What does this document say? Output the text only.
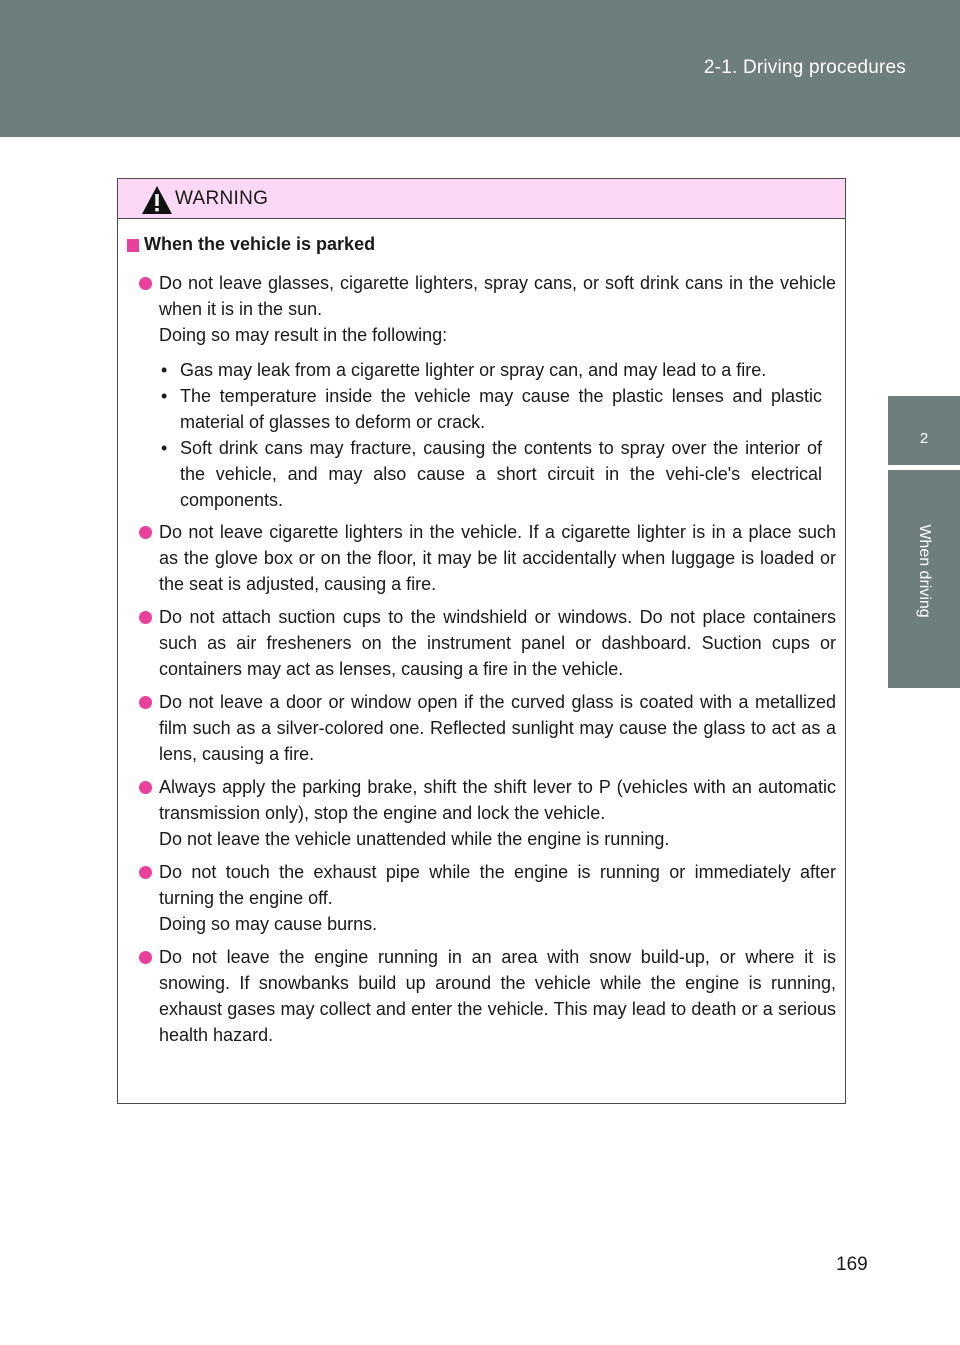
2-1. Driving procedures
2
When driving
WARNING
When the vehicle is parked

Do not leave glasses, cigarette lighters, spray cans, or soft drink cans in the vehicle when it is in the sun.

Doing so may result in the following:

• Gas may leak from a cigarette lighter or spray can, and may lead to a fire.
• The temperature inside the vehicle may cause the plastic lenses and plastic material of glasses to deform or crack.
• Soft drink cans may fracture, causing the contents to spray over the interior of the vehicle, and may also cause a short circuit in the vehi-cle's electrical components.

Do not leave cigarette lighters in the vehicle. If a cigarette lighter is in a place such as the glove box or on the floor, it may be lit accidentally when luggage is loaded or the seat is adjusted, causing a fire.

Do not attach suction cups to the windshield or windows. Do not place containers such as air fresheners on the instrument panel or dashboard. Suction cups or containers may act as lenses, causing a fire in the vehicle.

Do not leave a door or window open if the curved glass is coated with a metallized film such as a silver-colored one. Reflected sunlight may cause the glass to act as a lens, causing a fire.

Always apply the parking brake, shift the shift lever to P (vehicles with an automatic transmission only), stop the engine and lock the vehicle.

Do not leave the vehicle unattended while the engine is running.

Do not touch the exhaust pipe while the engine is running or immediately after turning the engine off.

Doing so may cause burns.

Do not leave the engine running in an area with snow build-up, or where it is snowing. If snowbanks build up around the vehicle while the engine is running, exhaust gases may collect and enter the vehicle. This may lead to death or a serious health hazard.

169
